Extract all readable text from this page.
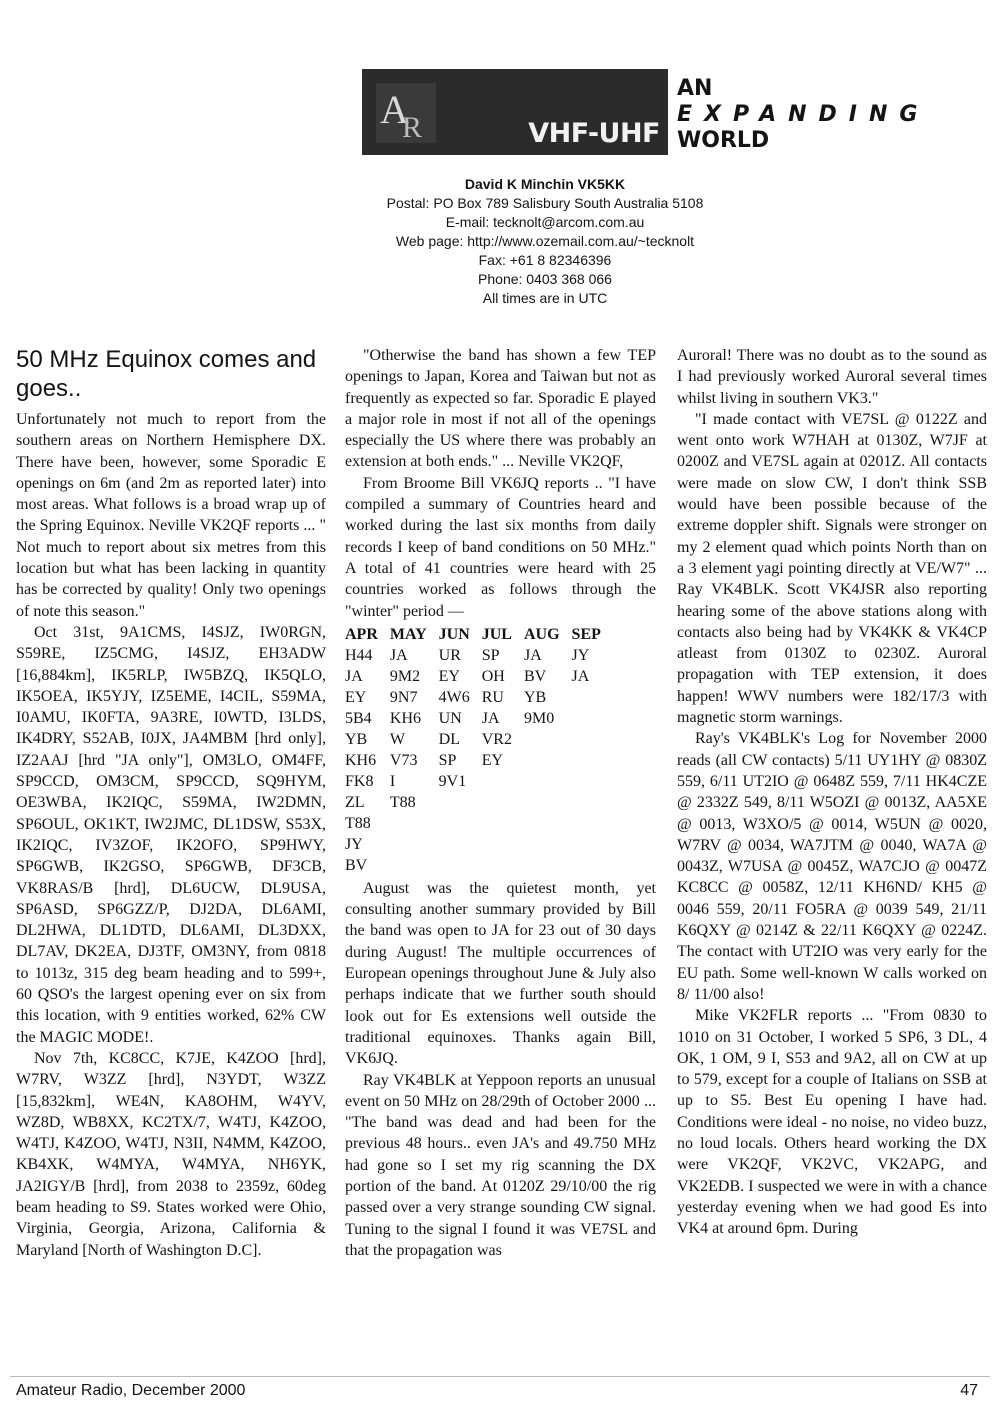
A
R	VHF-UHF
AN
EXPANDING
WORLD
David K Minchin VK5KK
Postal: PO Box 789 Salisbury South Australia 5108
E-mail: tecknolt@arcom.com.au
Web page: http://www.ozemail.com.au/~tecknolt
Fax: +61 8 82346396
Phone: 0403 368 066
All times are in UTC
50 MHz Equinox comes and goes..

Unfortunately not much to report from the southern areas on Northern Hemisphere DX. There have been, however, some Sporadic E openings on 6m (and 2m as reported later) into most areas. What follows is a broad wrap up of the Spring Equinox. Neville VK2QF reports ... " Not much to report about six metres from this location but what has been lacking in quantity has be corrected by quality! Only two openings of note this season."

Oct 31st, 9A1CMS, I4SJZ, IW0RGN, S59RE, IZ5CMG, I4SJZ, EH3ADW [16,884km], IK5RLP, IW5BZQ, IK5QLO, IK5OEA, IK5YJY, IZ5EME, I4CIL, S59MA, I0AMU, IK0FTA, 9A3RE, I0WTD, I3LDS, IK4DRY, S52AB, I0JX, JA4MBM [hrd only], IZ2AAJ [hrd "JA only"], OM3LO, OM4FF, SP9CCD, OM3CM, SP9CCD, SQ9HYM, OE3WBA, IK2IQC, S59MA, IW2DMN, SP6OUL, OK1KT, IW2JMC, DL1DSW, S53X, IK2IQC, IV3ZOF, IK2OFO, SP9HWY, SP6GWB, IK2GSO, SP6GWB, DF3CB, VK8RAS/B [hrd], DL6UCW, DL9USA, SP6ASD, SP6GZZ/P, DJ2DA, DL6AMI, DL2HWA, DL1DTD, DL6AMI, DL3DXX, DL7AV, DK2EA, DJ3TF, OM3NY, from 0818 to 1013z, 315 deg beam heading and to 599+, 60 QSO's the largest opening ever on six from this location, with 9 entities worked, 62% CW the MAGIC MODE!.

Nov 7th, KC8CC, K7JE, K4ZOO [hrd], W7RV, W3ZZ [hrd], N3YDT, W3ZZ [15,832km], WE4N, KA8OHM, W4YV, WZ8D, WB8XX, KC2TX/7, W4TJ, K4ZOO, W4TJ, K4ZOO, W4TJ, N3II, N4MM, K4ZOO, KB4XK, W4MYA, W4MYA, NH6YK, JA2IGY/B [hrd], from 2038 to 2359z, 60deg beam heading to S9. States worked were Ohio, Virginia, Georgia, Arizona, California & Maryland [North of Washington D.C].

"Otherwise the band has shown a few TEP openings to Japan, Korea and Taiwan but not as frequently as expected so far. Sporadic E played a major role in most if not all of the openings especially the US where there was probably an extension at both ends." ... Neville VK2QF,

From Broome Bill VK6JQ reports .. "I have compiled a summary of Countries heard and worked during the last six months from daily records I keep of band conditions on 50 MHz." A total of 41 countries were heard with 25 countries worked as follows through the "winter" period —

APR	MAY	JUN	JUL	AUG	SEP
H44	JA	UR	SP	JA	JY
JA	9M2	EY	OH	BV	JA
EY	9N7	4W6	RU	YB	
5B4	KH6	UN	JA	9M0	
YB	W	DL	VR2		
KH6	V73	SP	EY		
FK8	I	9V1			
ZL	T88				
T88					
JY					
BV					

August was the quietest month, yet consulting another summary provided by Bill the band was open to JA for 23 out of 30 days during August! The multiple occurrences of European openings throughout June & July also perhaps indicate that we further south should look out for Es extensions well outside the traditional equinoxes. Thanks again Bill, VK6JQ.

Ray VK4BLK at Yeppoon reports an unusual event on 50 MHz on 28/29th of October 2000 ... "The band was dead and had been for the previous 48 hours.. even JA's and 49.750 MHz had gone so I set my rig scanning the DX portion of the band. At 0120Z 29/10/00 the rig passed over a very strange sounding CW signal. Tuning to the signal I found it was VE7SL and that the propagation was

Auroral! There was no doubt as to the sound as I had previously worked Auroral several times whilst living in southern VK3."

"I made contact with VE7SL @ 0122Z and went onto work W7HAH at 0130Z, W7JF at 0200Z and VE7SL again at 0201Z. All contacts were made on slow CW, I don't think SSB would have been possible because of the extreme doppler shift. Signals were stronger on my 2 element quad which points North than on a 3 element yagi pointing directly at VE/W7" ... Ray VK4BLK. Scott VK4JSR also reporting hearing some of the above stations along with contacts also being had by VK4KK & VK4CP atleast from 0130Z to 0230Z. Auroral propagation with TEP extension, it does happen! WWV numbers were 182/17/3 with magnetic storm warnings.

Ray's VK4BLK's Log for November 2000 reads (all CW contacts) 5/11 UY1HY @ 0830Z 559, 6/11 UT2IO @ 0648Z 559, 7/11 HK4CZE @ 2332Z 549, 8/11 W5OZI @ 0013Z, AA5XE @ 0013, W3XO/5 @ 0014, W5UN @ 0020, W7RV @ 0034, WA7JTM @ 0040, WA7A @ 0043Z, W7USA @ 0045Z, WA7CJO @ 0047Z KC8CC @ 0058Z, 12/11 KH6ND/ KH5 @ 0046 559, 20/11 FO5RA @ 0039 549, 21/11 K6QXY @ 0214Z & 22/11 K6QXY @ 0224Z. The contact with UT2IO was very early for the EU path. Some well-known W calls worked on 8/ 11/00 also!

Mike VK2FLR reports ... "From 0830 to 1010 on 31 October, I worked 5 SP6, 3 DL, 4 OK, 1 OM, 9 I, S53 and 9A2, all on CW at up to 579, except for a couple of Italians on SSB at up to S5. Best Eu opening I have had. Conditions were ideal - no noise, no video buzz, no loud locals. Others heard working the DX were VK2QF, VK2VC, VK2APG, and VK2EDB. I suspected we were in with a chance yesterday evening when we had good Es into VK4 at around 6pm. During

Amateur Radio, December 2000	47
